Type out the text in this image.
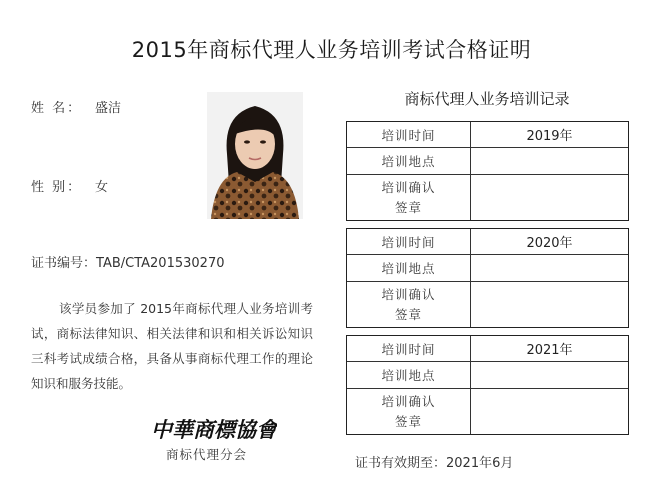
2015年商标代理人业务培训考试合格证明
姓 名： 盛洁
性 别： 女
证书编号：TAB/CTA201530270
该学员参加了 2015年商标代理人业务培训考试，商标法律知识、相关法律和识和相关诉讼知识三科考试成绩合格，具备从事商标代理工作的理论知识和服务技能。
中華商標協會
商标代理分会
商标代理人业务培训记录
培训时间
培训地点
培训确认
签章
2019年
培训时间
培训地点
培训确认
签章
2020年
培训时间
培训地点
培训确认
签章
2021年
证书有效期至：2021年6月
